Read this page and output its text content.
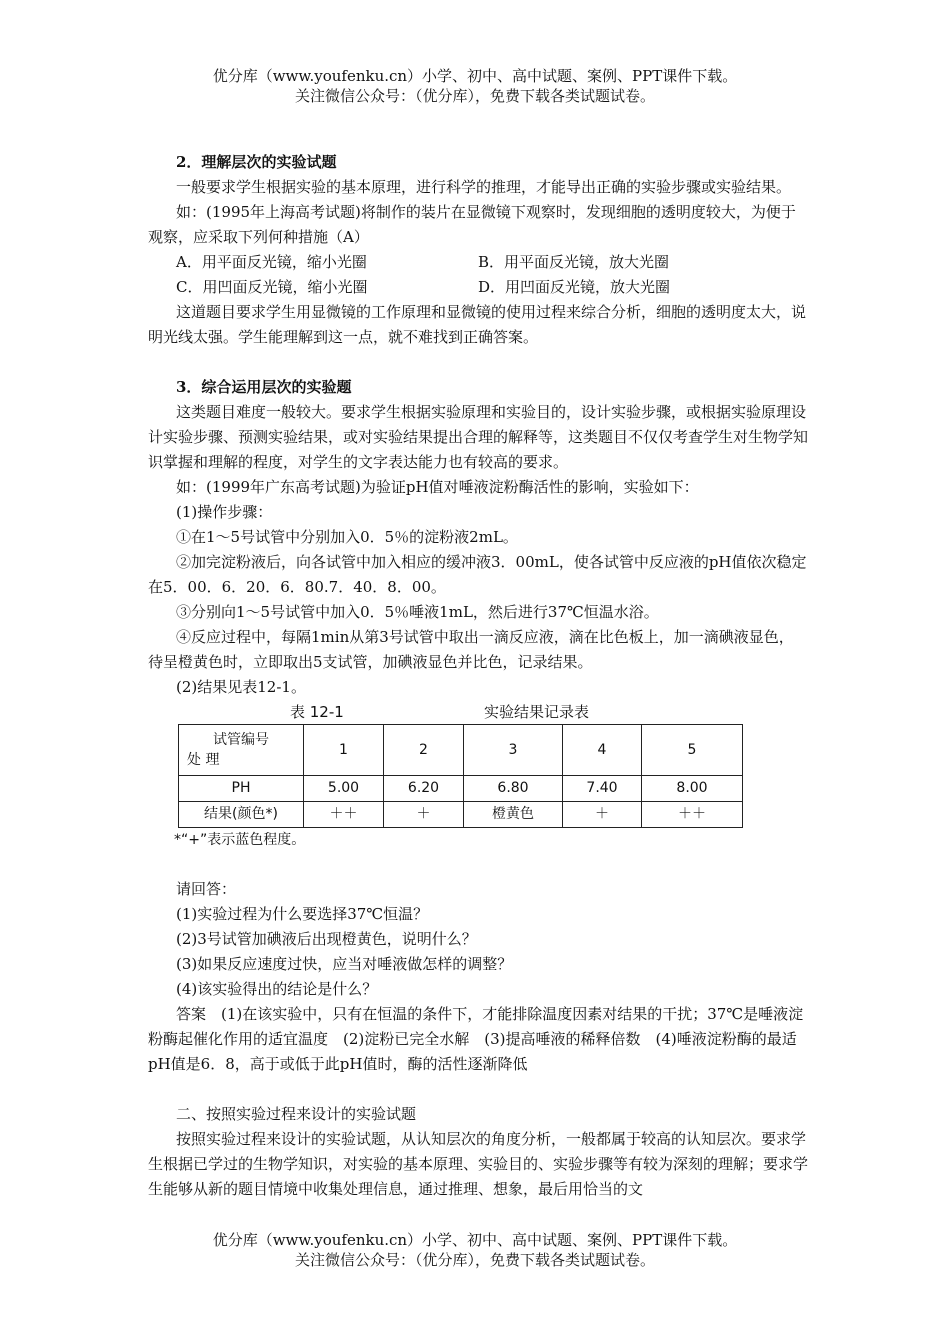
优分库（www.youfenku.cn）小学、初中、高中试题、案例、PPT课件下载。
关注微信公众号：（优分库），免费下载各类试题试卷。

2．理解层次的实验试题

一般要求学生根据实验的基本原理，进行科学的推理，才能导出正确的实验步骤或实验结果。

如：(1995年上海高考试题)将制作的装片在显微镜下观察时，发现细胞的透明度较大，为便于观察，应采取下列何种措施（A）

A．用平面反光镜，缩小光圈	B．用平面反光镜，放大光圈
C．用凹面反光镜，缩小光圈	D．用凹面反光镜，放大光圈

这道题目要求学生用显微镜的工作原理和显微镜的使用过程来综合分析，细胞的透明度太大，说明光线太强。学生能理解到这一点，就不难找到正确答案。

3．综合运用层次的实验题

这类题目难度一般较大。要求学生根据实验原理和实验目的，设计实验步骤，或根据实验原理设计实验步骤、预测实验结果，或对实验结果提出合理的解释等，这类题目不仅仅考查学生对生物学知识掌握和理解的程度，对学生的文字表达能力也有较高的要求。

如：(1999年广东高考试题)为验证pH值对唾液淀粉酶活性的影响，实验如下：

(1)操作步骤：

①在1～5号试管中分别加入0．5％的淀粉液2mL。

②加完淀粉液后，向各试管中加入相应的缓冲液3．00mL，使各试管中反应液的pH值依次稳定在5．00．6．20．6．80.7．40．8．00。

③分别向1～5号试管中加入0．5％唾液1mL，然后进行37℃恒温水浴。

④反应过程中，每隔1min从第3号试管中取出一滴反应液，滴在比色板上，加一滴碘液显色，待呈橙黄色时，立即取出5支试管，加碘液显色并比色，记录结果。

(2)结果见表12-1。

表 12-1	实验结果记录表
试管编号
处 理	1	2	3	4	5
PH	5.00	6.20	6.80	7.40	8.00
结果(颜色*)	＋＋	＋	橙黄色	＋	＋＋

*“+”表示蓝色程度。

请回答：

(1)实验过程为什么要选择37℃恒温？

(2)3号试管加碘液后出现橙黄色，说明什么？

(3)如果反应速度过快，应当对唾液做怎样的调整？

(4)该实验得出的结论是什么？

答案　(1)在该实验中，只有在恒温的条件下，才能排除温度因素对结果的干扰；37℃是唾液淀粉酶起催化作用的适宜温度　(2)淀粉已完全水解　(3)提高唾液的稀释倍数　(4)唾液淀粉酶的最适pH值是6．8，高于或低于此pH值时，酶的活性逐渐降低

二、按照实验过程来设计的实验试题

按照实验过程来设计的实验试题，从认知层次的角度分析，一般都属于较高的认知层次。要求学生根据已学过的生物学知识，对实验的基本原理、实验目的、实验步骤等有较为深刻的理解；要求学生能够从新的题目情境中收集处理信息，通过推理、想象，最后用恰当的文

优分库（www.youfenku.cn）小学、初中、高中试题、案例、PPT课件下载。
关注微信公众号：（优分库），免费下载各类试题试卷。
